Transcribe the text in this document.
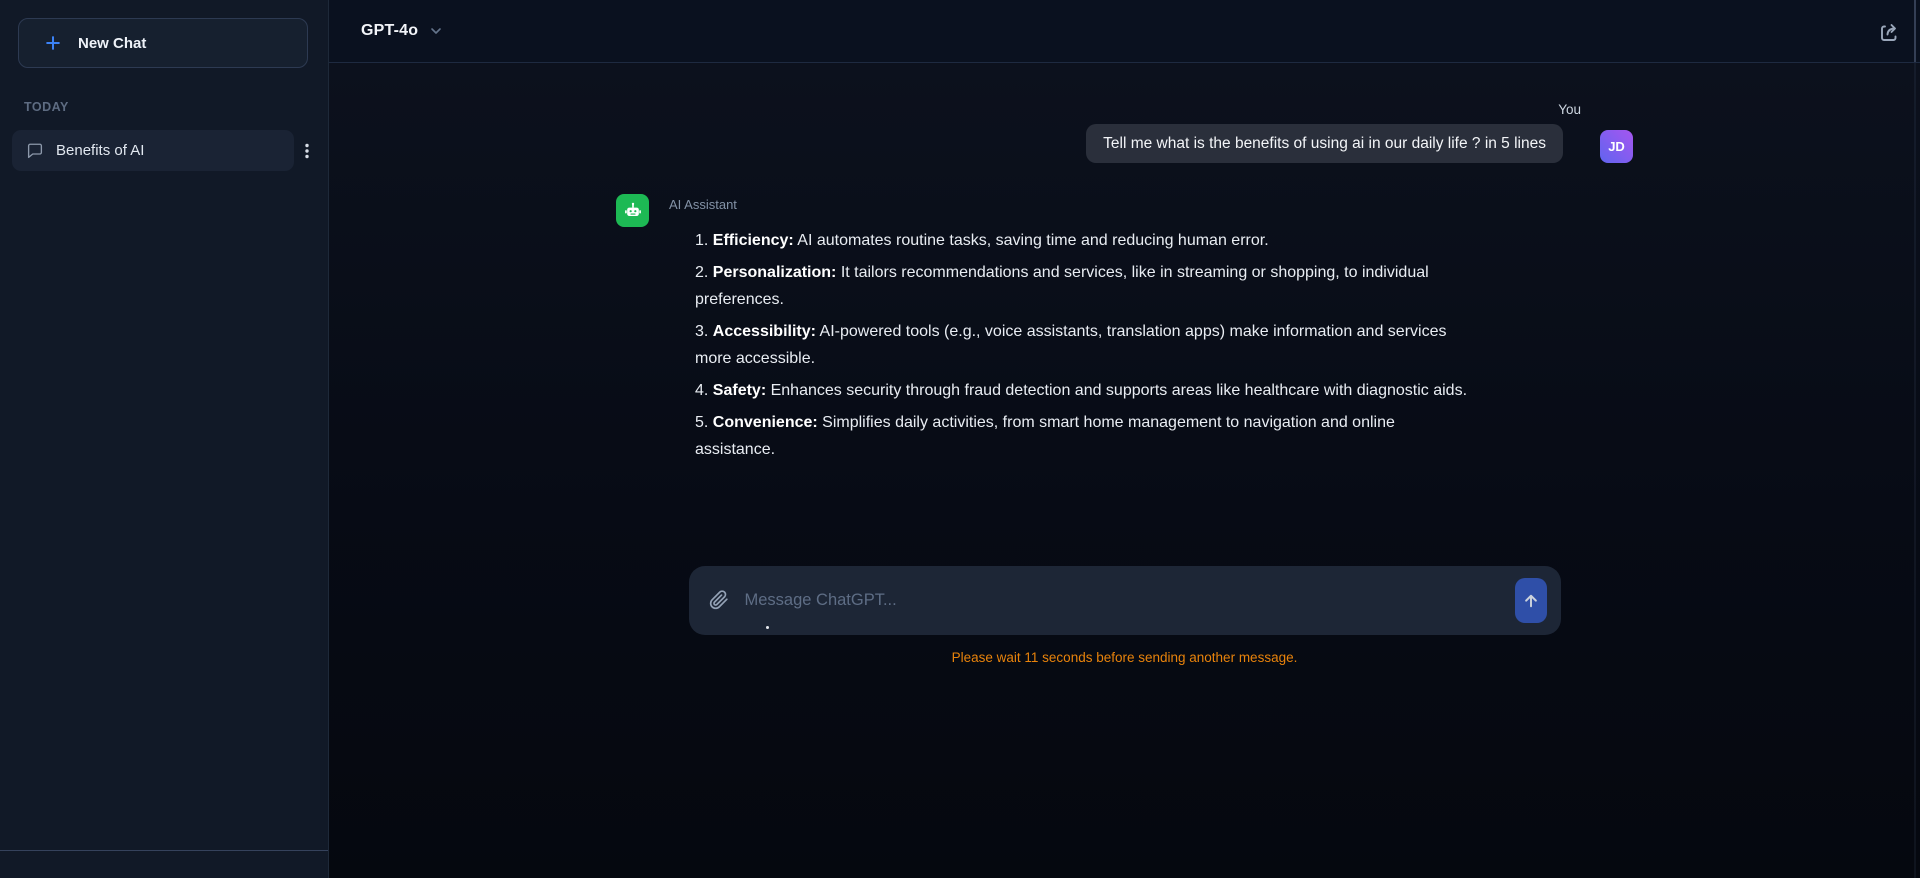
New Chat
TODAY
Benefits of AI
GPT-4o
You
Tell me what is the benefits of using ai in our daily life ? in 5 lines	JD
AI Assistant
1. Efficiency: AI automates routine tasks, saving time and reducing human error.
2. Personalization: It tailors recommendations and services, like in streaming or shopping, to individual preferences.
3. Accessibility: AI-powered tools (e.g., voice assistants, translation apps) make information and services more accessible.
4. Safety: Enhances security through fraud detection and supports areas like healthcare with diagnostic aids.
5. Convenience: Simplifies daily activities, from smart home management to navigation and online assistance.
Message ChatGPT...
Please wait 11 seconds before sending another message.
